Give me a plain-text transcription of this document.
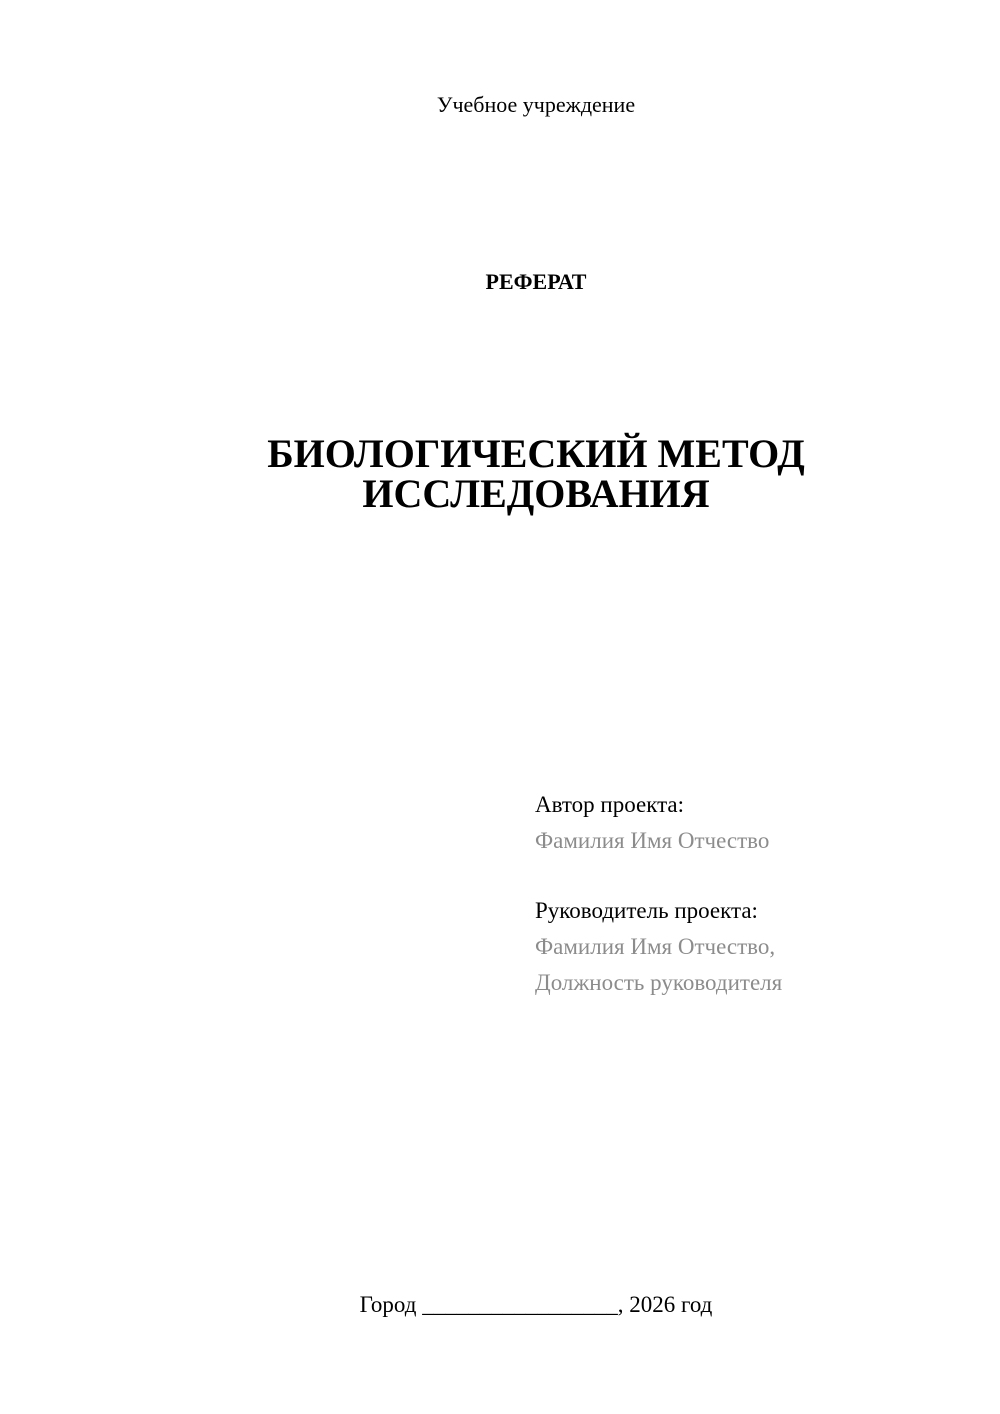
Учебное учреждение
РЕФЕРАТ
БИОЛОГИЧЕСКИЙ МЕТОД
ИССЛЕДОВАНИЯ
Автор проекта:
Фамилия Имя Отчество
Руководитель проекта:
Фамилия Имя Отчество,
Должность руководителя
Город _________________, 2026 год
